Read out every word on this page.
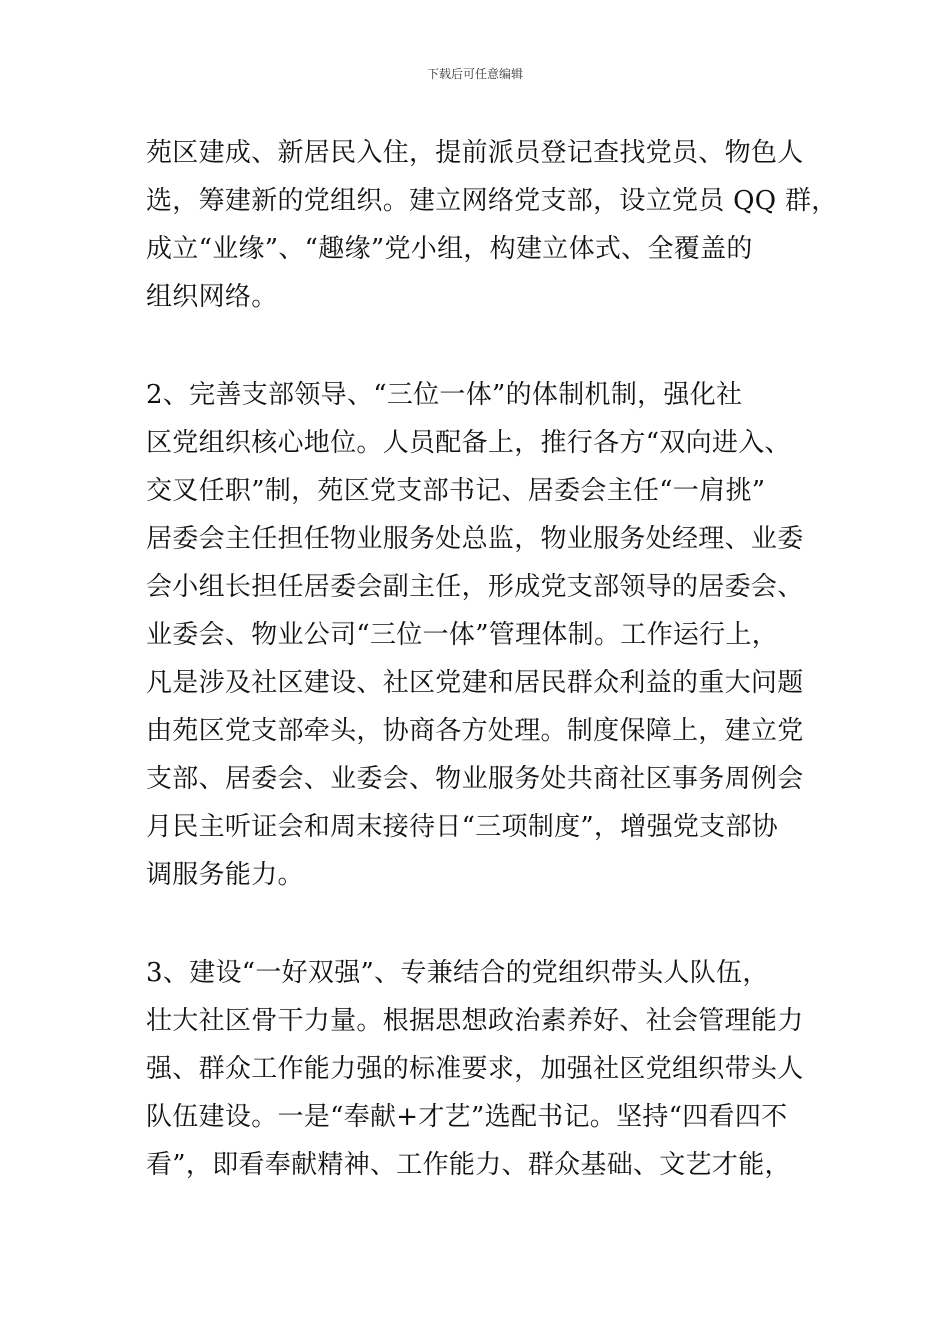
下载后可任意编辑
苑区建成、新居民入住，提前派员登记查找党员、物色人
选，筹建新的党组织。建立网络党支部，设立党员 QQ 群，
成立“业缘”、“趣缘”党小组，构建立体式、全覆盖的
组织网络。
2、完善支部领导、“三位一体”的体制机制，强化社
区党组织核心地位。人员配备上，推行各方“双向进入、
交叉任职”制，苑区党支部书记、居委会主任“一肩挑”
居委会主任担任物业服务处总监，物业服务处经理、业委
会小组长担任居委会副主任，形成党支部领导的居委会、
业委会、物业公司“三位一体”管理体制。工作运行上，
凡是涉及社区建设、社区党建和居民群众利益的重大问题
由苑区党支部牵头，协商各方处理。制度保障上，建立党
支部、居委会、业委会、物业服务处共商社区事务周例会
月民主听证会和周末接待日“三项制度”，增强党支部协
调服务能力。
3、建设“一好双强”、专兼结合的党组织带头人队伍，
壮大社区骨干力量。根据思想政治素养好、社会管理能力
强、群众工作能力强的标准要求，加强社区党组织带头人
队伍建设。一是“奉献+才艺”选配书记。坚持“四看四不
看”，即看奉献精神、工作能力、群众基础、文艺才能，
